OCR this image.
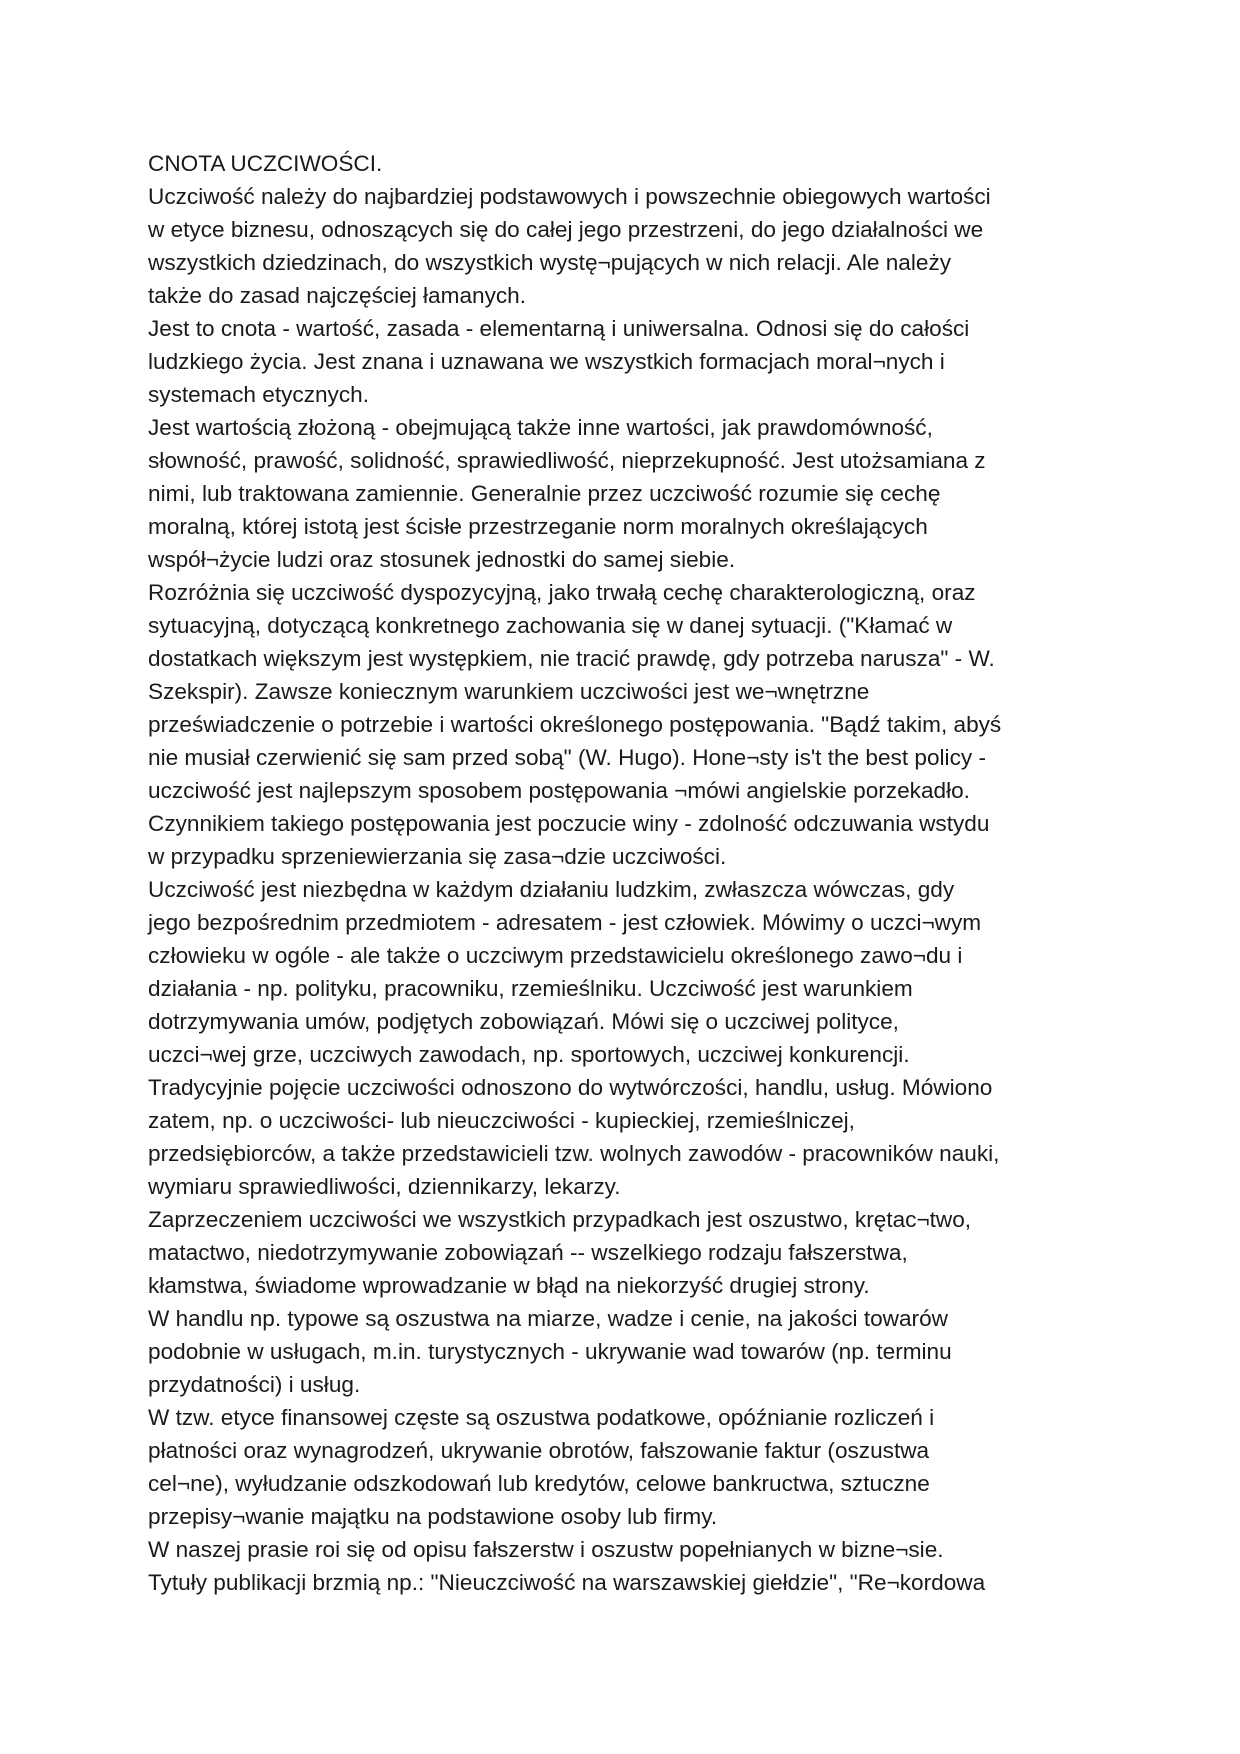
CNOTA UCZCIWOŚCI.
Uczciwość należy do najbardziej podstawowych i powszechnie obiegowych wartości
w etyce biznesu, odnoszących się do całej jego przestrzeni, do jego działalności we
wszystkich dziedzinach, do wszystkich wystę¬pujących w nich relacji. Ale należy
także do zasad najczęściej łamanych.
Jest to cnota - wartość, zasada - elementarną i uniwersalna. Odnosi się do całości
ludzkiego życia. Jest znana i uznawana we wszystkich formacjach moral¬nych i
systemach etycznych.
Jest wartością złożoną - obejmującą także inne wartości, jak prawdomówność,
słowność, prawość, solidność, sprawiedliwość, nieprzekupność. Jest utożsamiana z
nimi, lub traktowana zamiennie. Generalnie przez uczciwość rozumie się cechę
moralną, której istotą jest ścisłe przestrzeganie norm moralnych określających
współ¬życie ludzi oraz stosunek jednostki do samej siebie.
Rozróżnia się uczciwość dyspozycyjną, jako trwałą cechę charakterologiczną, oraz
sytuacyjną, dotyczącą konkretnego zachowania się w danej sytuacji. ("Kłamać w
dostatkach większym jest występkiem, nie tracić prawdę, gdy potrzeba narusza" - W.
Szekspir). Zawsze koniecznym warunkiem uczciwości jest we¬wnętrzne
przeświadczenie o potrzebie i wartości określonego postępowania. "Bądź takim, abyś
nie musiał czerwienić się sam przed sobą" (W. Hugo). Hone¬sty is't the best policy -
uczciwość jest najlepszym sposobem postępowania ¬mówi angielskie porzekadło.
Czynnikiem takiego postępowania jest poczucie winy - zdolność odczuwania wstydu
w przypadku sprzeniewierzania się zasa¬dzie uczciwości.
Uczciwość jest niezbędna w każdym działaniu ludzkim, zwłaszcza wówczas, gdy
jego bezpośrednim przedmiotem - adresatem - jest człowiek. Mówimy o uczci¬wym
człowieku w ogóle - ale także o uczciwym przedstawicielu określonego zawo¬du i
działania - np. polityku, pracowniku, rzemieślniku. Uczciwość jest warunkiem
dotrzymywania umów, podjętych zobowiązań. Mówi się o uczciwej polityce,
uczci¬wej grze, uczciwych zawodach, np. sportowych, uczciwej konkurencji.
Tradycyjnie pojęcie uczciwości odnoszono do wytwórczości, handlu, usług. Mówiono
zatem, np. o uczciwości- lub nieuczciwości - kupieckiej, rzemieślniczej,
przedsiębiorców, a także przedstawicieli tzw. wolnych zawodów - pracowników nauki,
wymiaru sprawiedliwości, dziennikarzy, lekarzy.
Zaprzeczeniem uczciwości we wszystkich przypadkach jest oszustwo, krętac¬two,
matactwo, niedotrzymywanie zobowiązań -- wszelkiego rodzaju fałszerstwa,
kłamstwa, świadome wprowadzanie w błąd na niekorzyść drugiej strony.
W handlu np. typowe są oszustwa na miarze, wadze i cenie, na jakości towarów
podobnie w usługach, m.in. turystycznych - ukrywanie wad towarów (np. terminu
przydatności) i usług.
W tzw. etyce finansowej częste są oszustwa podatkowe, opóźnianie rozliczeń i
płatności oraz wynagrodzeń, ukrywanie obrotów, fałszowanie faktur (oszustwa
cel¬ne), wyłudzanie odszkodowań lub kredytów, celowe bankructwa, sztuczne
przepisy¬wanie majątku na podstawione osoby lub firmy.
W naszej prasie roi się od opisu fałszerstw i oszustw popełnianych w bizne¬sie.
Tytuły publikacji brzmią np.: "Nieuczciwość na warszawskiej giełdzie", "Re¬kordowa
